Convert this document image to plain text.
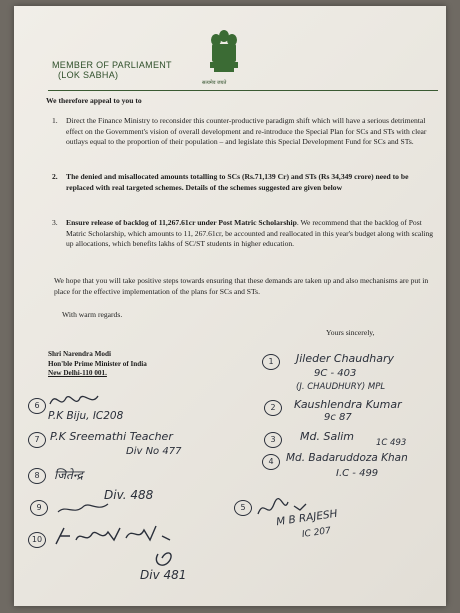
MEMBER OF PARLIAMENT
(LOK SABHA)
सत्यमेव जयते
We therefore appeal to you to
1. Direct the Finance Ministry to reconsider this counter-productive paradigm shift which will have a serious detrimental effect on the Government's vision of overall development and re-introduce the Special Plan for SCs and STs with clear outlays equal to the proportion of their population – and legislate this Special Development Fund for SCs and STs.
2. The denied and misallocated amounts totalling to SCs (Rs.71,139 Cr) and STs (Rs 34,349 crore) need to be replaced with real targeted schemes. Details of the schemes suggested are given below
3. Ensure release of backlog of 11,267.61cr under Post Matric Scholarship. We recommend that the backlog of Post Matric Scholarship, which amounts to 11, 267.61cr, be accounted and reallocated in this year's budget along with scaling up allocations, which benefits lakhs of SC/ST students in higher education.
We hope that you will take positive steps towards ensuring that these demands are taken up and also mechanisms are put in place for the effective implementation of the plans for SCs and STs.
With warm regards.
Yours sincerely,
Shri Narendra Modi
Hon'ble Prime Minister of India
New Delhi-110 001.
1	Jileder Chaudhary
9C - 403
(J. CHAUDHURY) MPL
2	Kaushlendra Kumar
9c 87
3	Md. Salim	1C 493
4	Md. Badaruddoza Khan
I.C - 499
5
M B RAJESH
IC 207
6
P.K Biju, IC208
7 P.K Sreemathi Teacher
Div No 477
8	जितेन्द्र
Div. 488
9
10
Div 481
